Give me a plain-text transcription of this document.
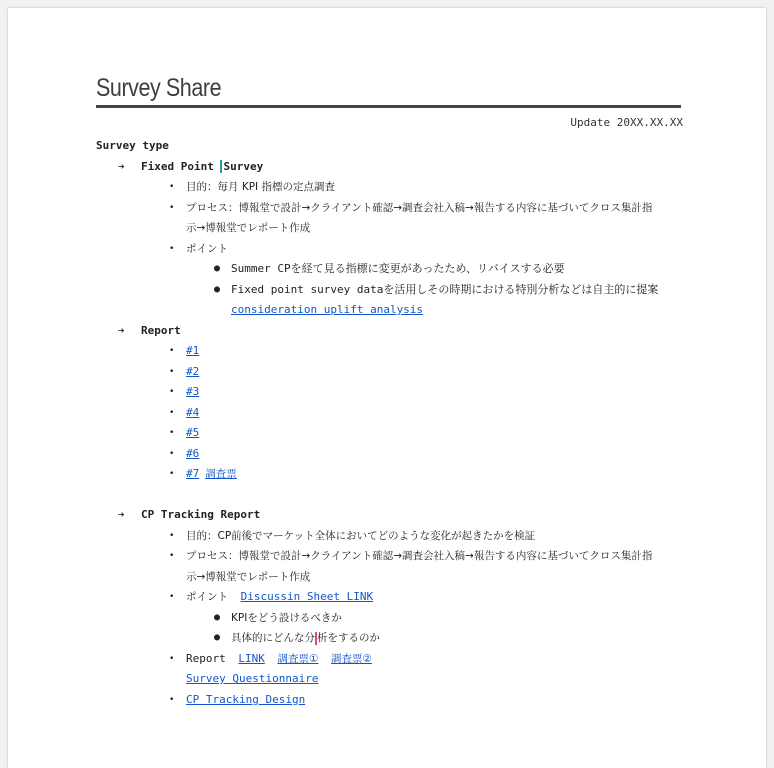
Survey Share
Update 20XX.XX.XX
Survey type
➔ Fixed Point Survey
• 目的：毎月 KPI 指標の定点調査
• プロセス：博報堂で設計→クライアント確認→調査会社入稿→報告する内容に基づいてクロス集計指
示→博報堂でレポート作成
• ポイント
● Summer CPを経て見る指標に変更があったため、リバイスする必要
● Fixed point survey dataを活用しその時期における特別分析などは自主的に提案
consideration uplift analysis
➔ Report
• #1
• #2
• #3
• #4
• #5
• #6
• #7 調査票
➔ CP Tracking Report
• 目的：CP前後でマーケット全体においてどのような変化が起きたかを検証
• プロセス：博報堂で設計→クライアント確認→調査会社入稿→報告する内容に基づいてクロス集計指
示→博報堂でレポート作成
• ポイント Discussin Sheet LINK
● KPIをどう設けるべきか
● 具体的にどんな分 析をするのか
• Report LINK 調査票① 調査票②
Survey Questionnaire
• CP Tracking Design
